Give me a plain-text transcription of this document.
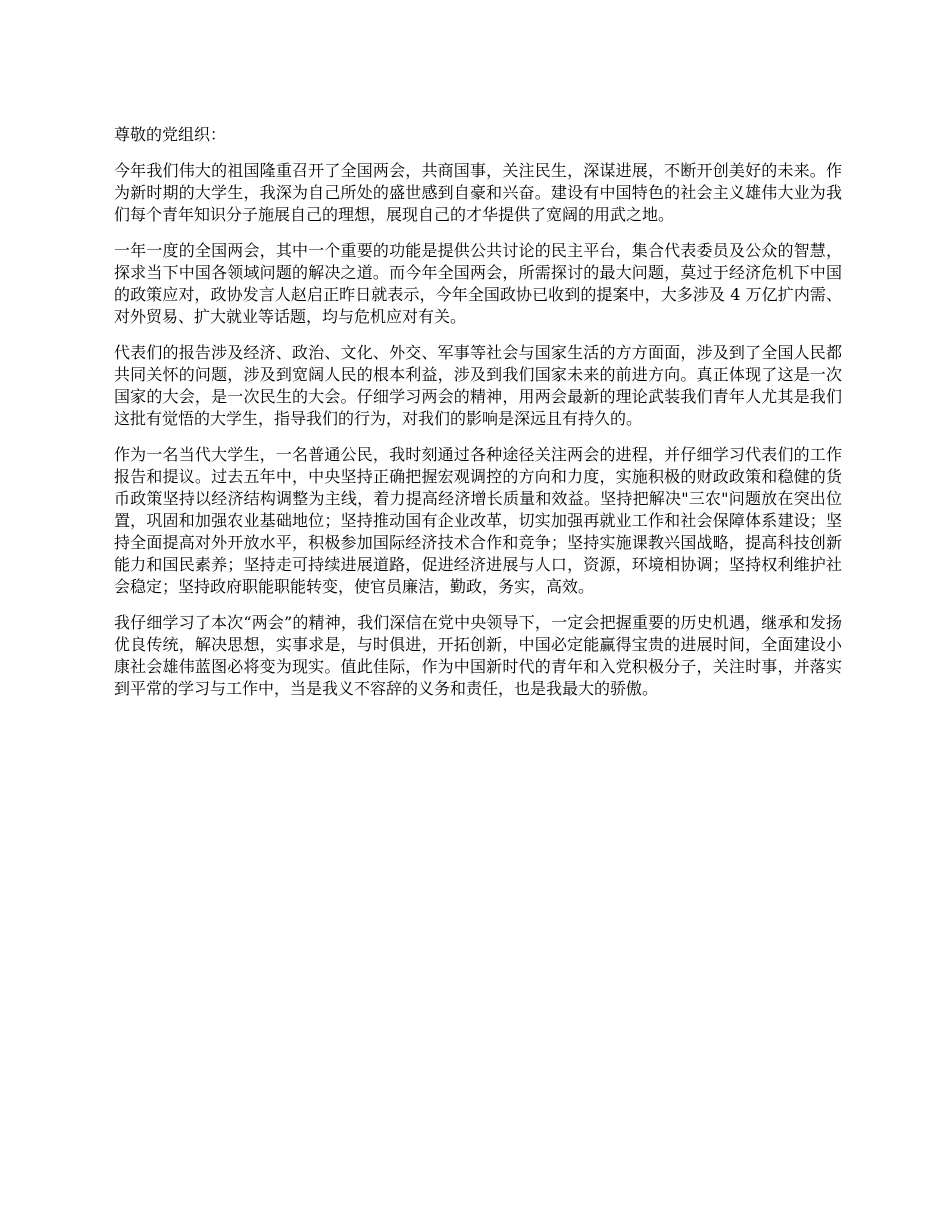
尊敬的党组织：

今年我们伟大的祖国隆重召开了全国两会，共商国事，关注民生，深谋进展，不断开创美好的未来。作为新时期的大学生，我深为自己所处的盛世感到自豪和兴奋。建设有中国特色的社会主义雄伟大业为我们每个青年知识分子施展自己的理想，展现自己的才华提供了宽阔的用武之地。

一年一度的全国两会，其中一个重要的功能是提供公共讨论的民主平台，集合代表委员及公众的智慧，探求当下中国各领域问题的解决之道。而今年全国两会，所需探讨的最大问题，莫过于经济危机下中国的政策应对，政协发言人赵启正昨日就表示，今年全国政协已收到的提案中，大多涉及 4 万亿扩内需、对外贸易、扩大就业等话题，均与危机应对有关。

代表们的报告涉及经济、政治、文化、外交、军事等社会与国家生活的方方面面，涉及到了全国人民都共同关怀的问题，涉及到宽阔人民的根本利益，涉及到我们国家未来的前进方向。真正体现了这是一次国家的大会，是一次民生的大会。仔细学习两会的精神，用两会最新的理论武装我们青年人尤其是我们这批有觉悟的大学生，指导我们的行为，对我们的影响是深远且有持久的。

作为一名当代大学生，一名普通公民，我时刻通过各种途径关注两会的进程，并仔细学习代表们的工作报告和提议。过去五年中，中央坚持正确把握宏观调控的方向和力度，实施积极的财政政策和稳健的货币政策坚持以经济结构调整为主线，着力提高经济增长质量和效益。坚持把解决"三农"问题放在突出位置，巩固和加强农业基础地位；坚持推动国有企业改革，切实加强再就业工作和社会保障体系建设；坚持全面提高对外开放水平，积极参加国际经济技术合作和竞争；坚持实施课教兴国战略，提高科技创新能力和国民素养；坚持走可持续进展道路，促进经济进展与人口，资源，环境相协调；坚持权利维护社会稳定；坚持政府职能职能转变，使官员廉洁，勤政，务实，高效。

我仔细学习了本次“两会”的精神，我们深信在党中央领导下，一定会把握重要的历史机遇，继承和发扬优良传统，解决思想，实事求是，与时俱进，开拓创新，中国必定能赢得宝贵的进展时间，全面建设小康社会雄伟蓝图必将变为现实。值此佳际，作为中国新时代的青年和入党积极分子，关注时事，并落实到平常的学习与工作中，当是我义不容辞的义务和责任，也是我最大的骄傲。
